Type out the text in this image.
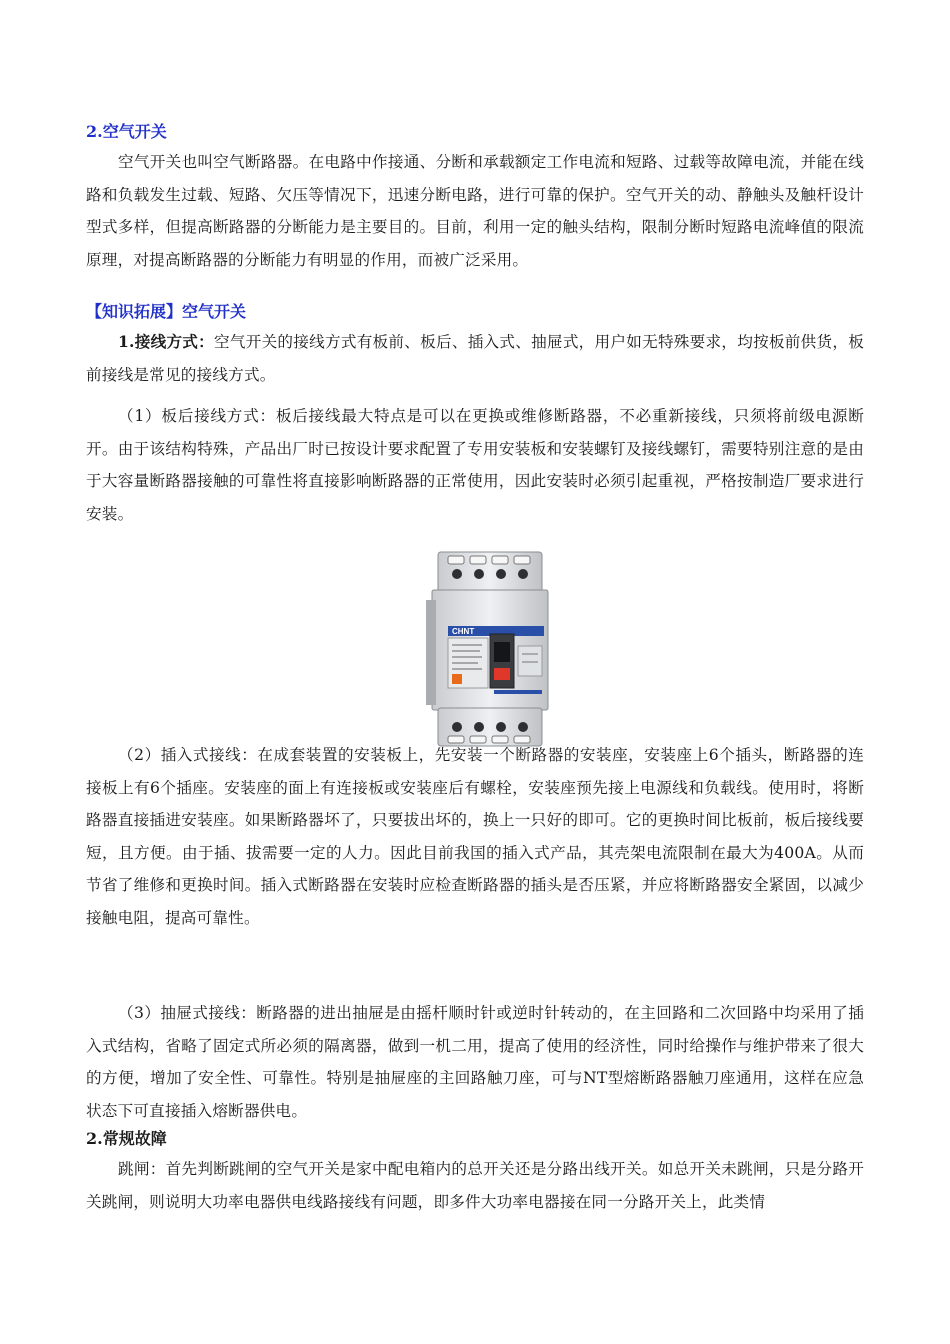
2.空气开关

空气开关也叫空气断路器。在电路中作接通、分断和承载额定工作电流和短路、过载等故障电流，并能在线路和负载发生过载、短路、欠压等情况下，迅速分断电路，进行可靠的保护。空气开关的动、静触头及触杆设计型式多样，但提高断路器的分断能力是主要目的。目前，利用一定的触头结构，限制分断时短路电流峰值的限流原理，对提高断路器的分断能力有明显的作用，而被广泛采用。

【知识拓展】空气开关

1.接线方式：空气开关的接线方式有板前、板后、插入式、抽屉式，用户如无特殊要求，均按板前供货，板前接线是常见的接线方式。

（1）板后接线方式：板后接线最大特点是可以在更换或维修断路器，不必重新接线，只须将前级电源断开。由于该结构特殊，产品出厂时已按设计要求配置了专用安装板和安装螺钉及接线螺钉，需要特别注意的是由于大容量断路器接触的可靠性将直接影响断路器的正常使用，因此安装时必须引起重视，严格按制造厂要求进行安装。

CHNT

（2）插入式接线：在成套装置的安装板上，先安装一个断路器的安装座，安装座上6个插头，断路器的连接板上有6个插座。安装座的面上有连接板或安装座后有螺栓，安装座预先接上电源线和负载线。使用时，将断路器直接插进安装座。如果断路器坏了，只要拔出坏的，换上一只好的即可。它的更换时间比板前，板后接线要短，且方便。由于插、拔需要一定的人力。因此目前我国的插入式产品，其壳架电流限制在最大为400A。从而节省了维修和更换时间。插入式断路器在安装时应检查断路器的插头是否压紧，并应将断路器安全紧固，以减少接触电阻，提高可靠性。

（3）抽屉式接线：断路器的进出抽屉是由摇杆顺时针或逆时针转动的，在主回路和二次回路中均采用了插入式结构，省略了固定式所必须的隔离器，做到一机二用，提高了使用的经济性，同时给操作与维护带来了很大的方便，增加了安全性、可靠性。特别是抽屉座的主回路触刀座，可与NT型熔断路器触刀座通用，这样在应急状态下可直接插入熔断器供电。

2.常规故障

跳闸：首先判断跳闸的空气开关是家中配电箱内的总开关还是分路出线开关。如总开关未跳闸，只是分路开关跳闸，则说明大功率电器供电线路接线有问题，即多件大功率电器接在同一分路开关上，此类情
